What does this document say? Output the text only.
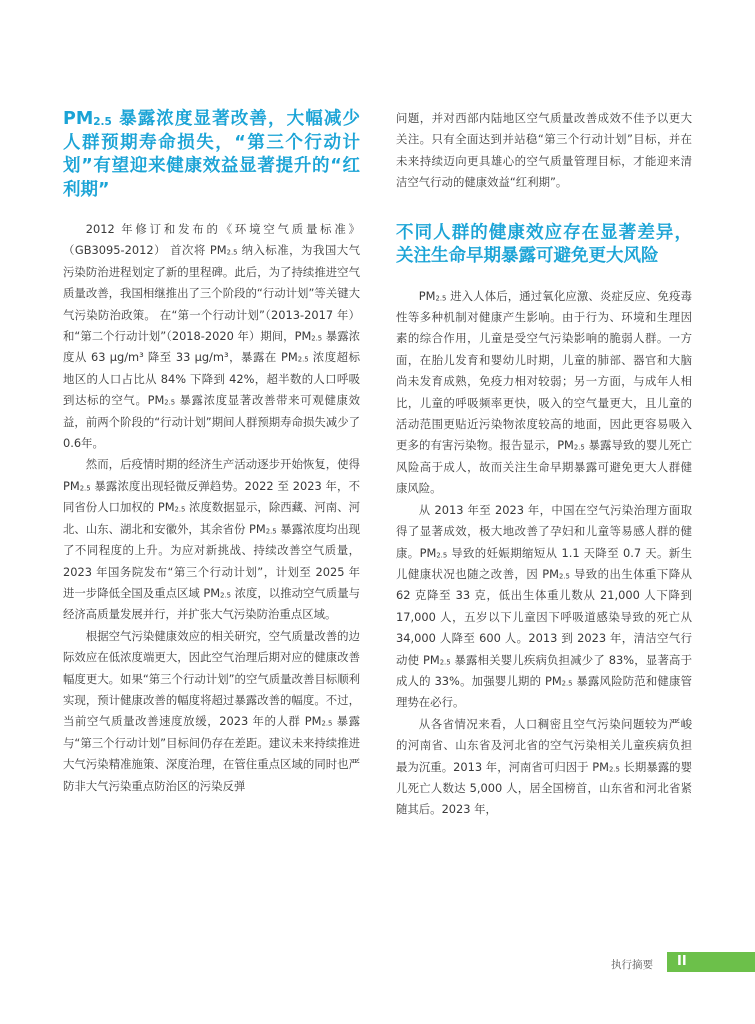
$PM_{2.5}$ 暴露浓度显著改善，大幅减少人群预期寿命损失，“第三个行动计划”有望迎来健康效益显著提升的“红利期”

2012 年修订和发布的《环境空气质量标准》（GB3095-2012） 首次将 $PM_{2.5}$ 纳入标准，为我国大气污染防治进程划定了新的里程碑。此后，为了持续推进空气质量改善，我国相继推出了三个阶段的“行动计划”等关键大气污染防治政策。 在“第一个行动计划”（2013-2017 年）和“第二个行动计划”（2018-2020 年）期间，$PM_{2.5}$ 暴露浓度从 63 μg/m³ 降至 33 μg/m³，暴露在 $PM_{2.5}$ 浓度超标地区的人口占比从 84% 下降到 42%，超半数的人口呼吸到达标的空气。$PM_{2.5}$ 暴露浓度显著改善带来可观健康效益，前两个阶段的“行动计划”期间人群预期寿命损失减少了 0.6年。

然而，后疫情时期的经济生产活动逐步开始恢复，使得 $PM_{2.5}$ 暴露浓度出现轻微反弹趋势。2022 至 2023 年，不同省份人口加权的 $PM_{2.5}$ 浓度数据显示，除西藏、河南、河北、山东、湖北和安徽外，其余省份 $PM_{2.5}$ 暴露浓度均出现了不同程度的上升。为应对新挑战、持续改善空气质量，2023 年国务院发布“第三个行动计划”，计划至 2025 年进一步降低全国及重点区域 $PM_{2.5}$ 浓度，以推动空气质量与经济高质量发展并行，并扩张大气污染防治重点区域。

根据空气污染健康效应的相关研究，空气质量改善的边际效应在低浓度端更大，因此空气治理后期对应的健康改善幅度更大。如果“第三个行动计划”的空气质量改善目标顺利实现，预计健康改善的幅度将超过暴露改善的幅度。不过，当前空气质量改善速度放缓，2023 年的人群 $PM_{2.5}$ 暴露与“第三个行动计划”目标间仍存在差距。建议未来持续推进大气污染精准施策、深度治理，在管住重点区域的同时也严防非大气污染重点防治区的污染反弹

问题，并对西部内陆地区空气质量改善成效不佳予以更大关注。只有全面达到并站稳“第三个行动计划”目标，并在未来持续迈向更具雄心的空气质量管理目标，才能迎来清洁空气行动的健康效益“红利期”。

不同人群的健康效应存在显著差异，关注生命早期暴露可避免更大风险

$PM_{2.5}$ 进入人体后，通过氧化应激、炎症反应、免疫毒性等多种机制对健康产生影响。由于行为、环境和生理因素的综合作用，儿童是受空气污染影响的脆弱人群。一方面，在胎儿发育和婴幼儿时期，儿童的肺部、器官和大脑尚未发育成熟，免疫力相对较弱；另一方面，与成年人相比，儿童的呼吸频率更快，吸入的空气量更大，且儿童的活动范围更贴近污染物浓度较高的地面，因此更容易吸入更多的有害污染物。报告显示，$PM_{2.5}$ 暴露导致的婴儿死亡风险高于成人，故而关注生命早期暴露可避免更大人群健康风险。

从 2013 年至 2023 年，中国在空气污染治理方面取得了显著成效，极大地改善了孕妇和儿童等易感人群的健康。$PM_{2.5}$ 导致的妊娠期缩短从 1.1 天降至 0.7 天。新生儿健康状况也随之改善，因 $PM_{2.5}$ 导致的出生体重下降从 62 克降至 33 克，低出生体重儿数从 21,000 人下降到 17,000 人，五岁以下儿童因下呼吸道感染导致的死亡从 34,000 人降至 600 人。2013 到 2023 年，清洁空气行动使 $PM_{2.5}$ 暴露相关婴儿疾病负担减少了 83%，显著高于成人的 33%。加强婴儿期的 $PM_{2.5}$ 暴露风险防范和健康管理势在必行。

从各省情况来看，人口稠密且空气污染问题较为严峻的河南省、山东省及河北省的空气污染相关儿童疾病负担最为沉重。2013 年，河南省可归因于 $PM_{2.5}$ 长期暴露的婴儿死亡人数达 5,000 人，居全国榜首，山东省和河北省紧随其后。2023 年，

执行摘要 II
